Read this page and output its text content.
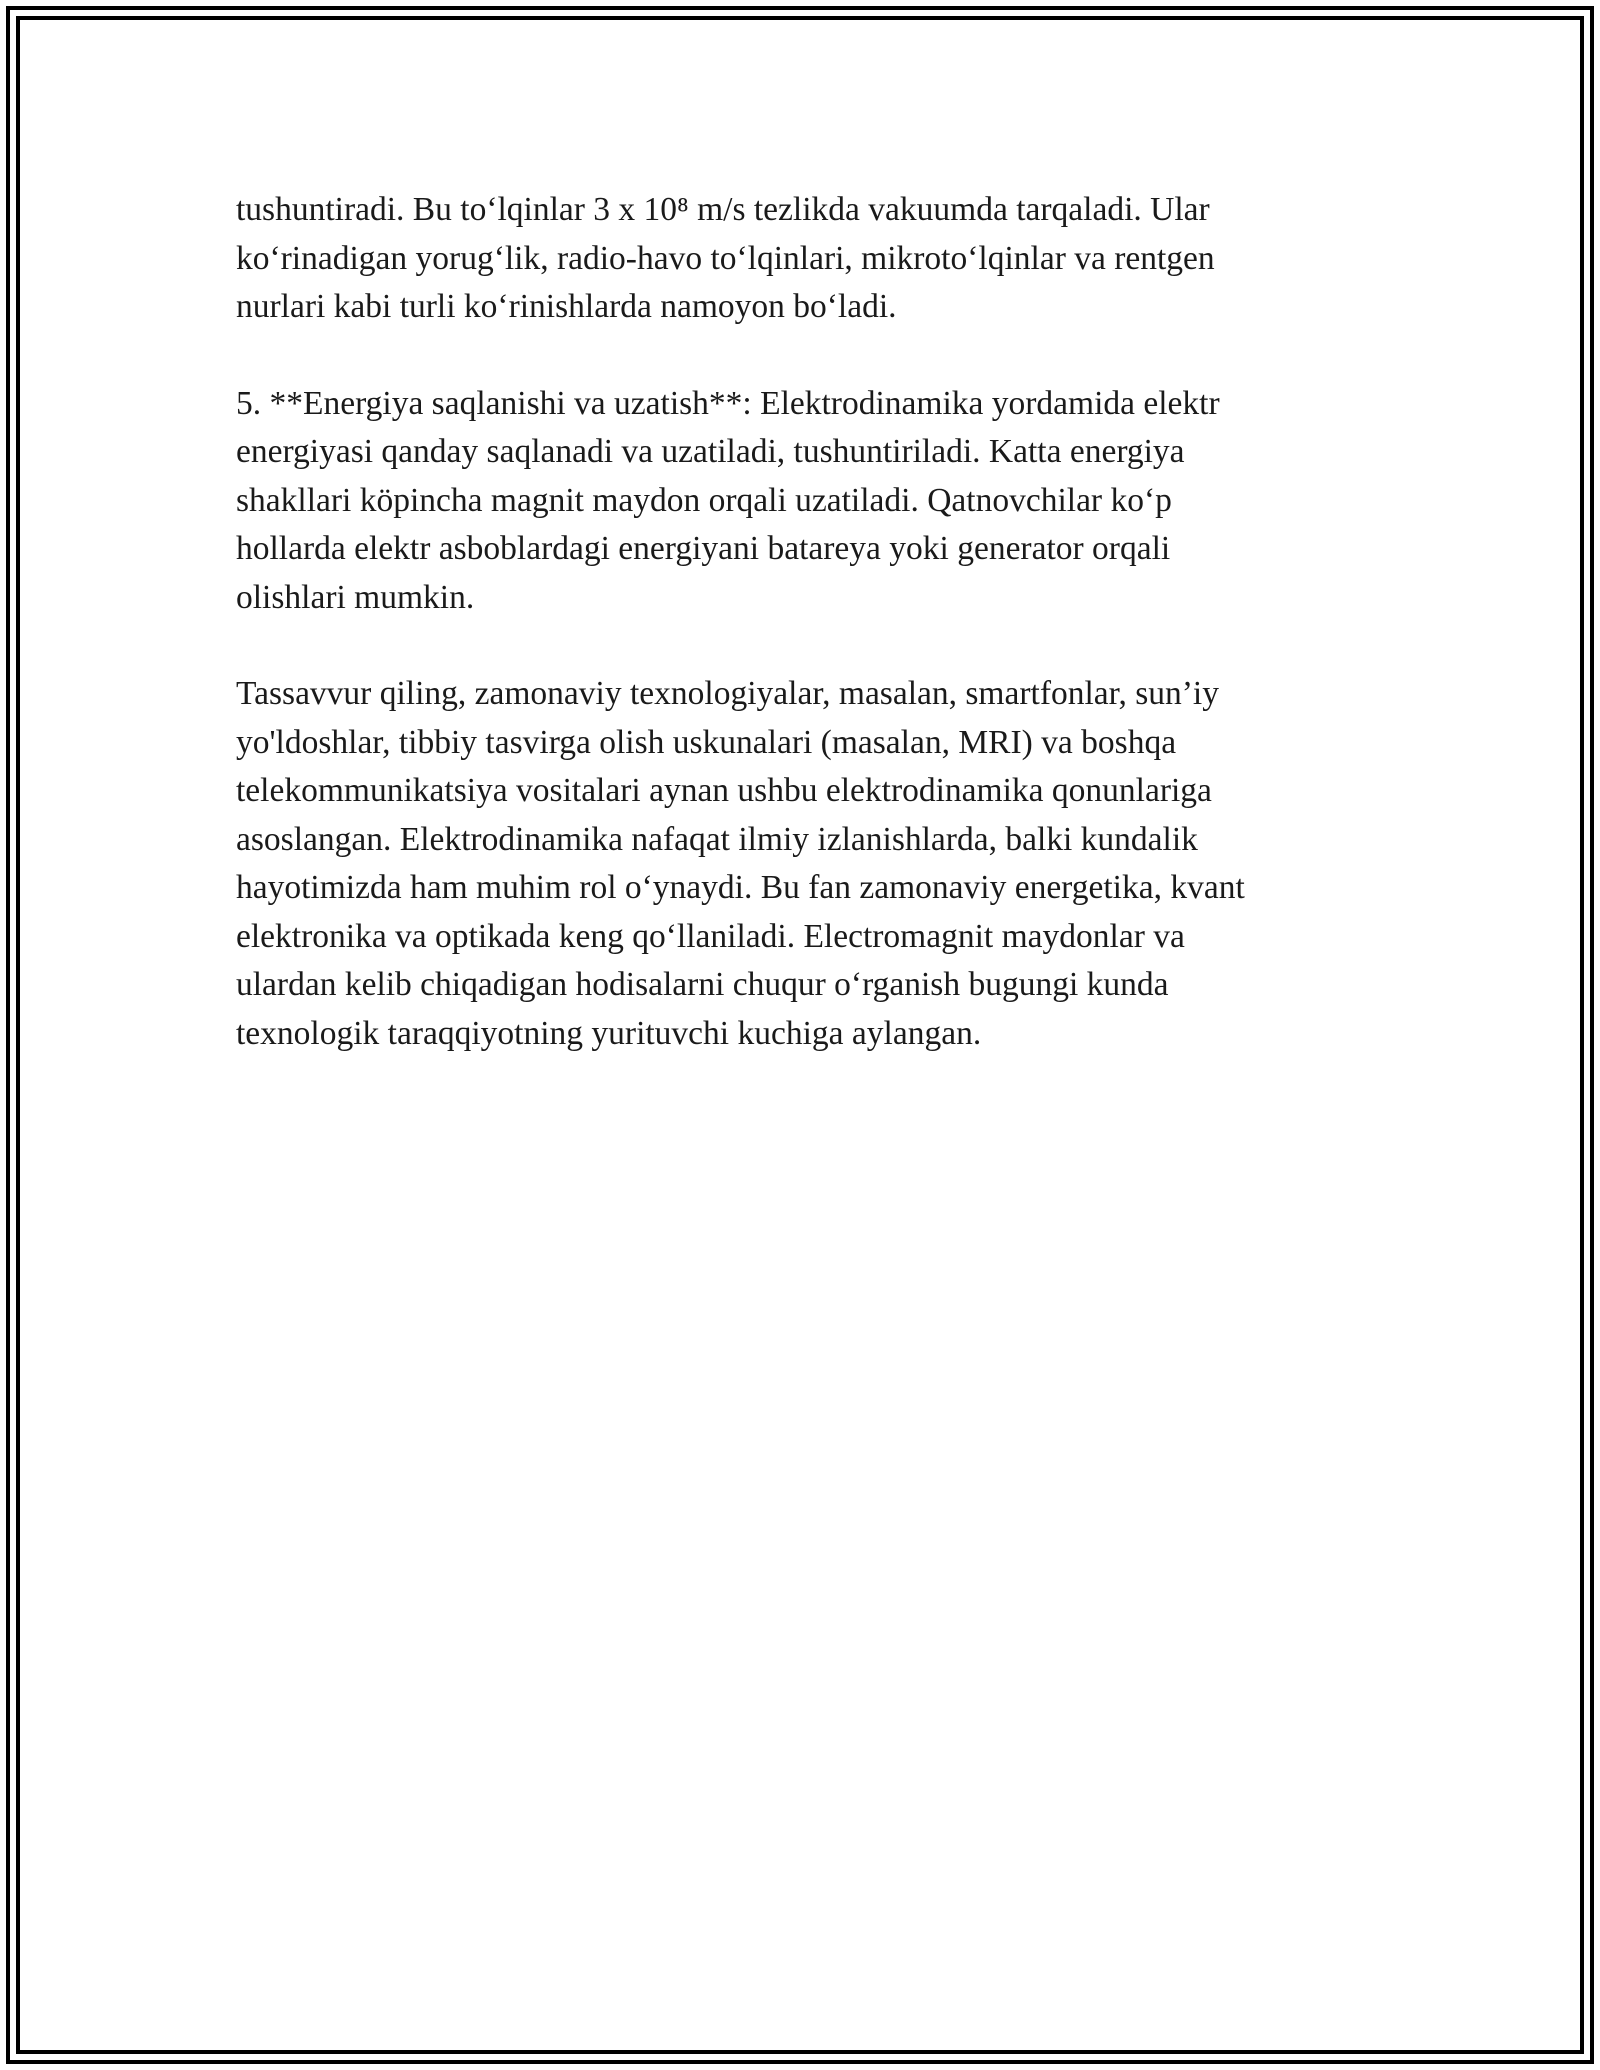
tushuntiradi. Bu to‘lqinlar 3 x 10⁸ m/s tezlikda vakuumda tarqaladi. Ular
ko‘rinadigan yorug‘lik, radio-havo to‘lqinlari, mikroto‘lqinlar va rentgen
nurlari kabi turli ko‘rinishlarda namoyon bo‘ladi.

5. **Energiya saqlanishi va uzatish**: Elektrodinamika yordamida elektr
energiyasi qanday saqlanadi va uzatiladi, tushuntiriladi. Katta energiya
shakllari köpincha magnit maydon orqali uzatiladi. Qatnovchilar ko‘p
hollarda elektr asboblardagi energiyani batareya yoki generator orqali
olishlari mumkin.

Tassavvur qiling, zamonaviy texnologiyalar, masalan, smartfonlar, sun’iy
yo'ldoshlar, tibbiy tasvirga olish uskunalari (masalan, MRI) va boshqa
telekommunikatsiya vositalari aynan ushbu elektrodinamika qonunlariga
asoslangan. Elektrodinamika nafaqat ilmiy izlanishlarda, balki kundalik
hayotimizda ham muhim rol o‘ynaydi. Bu fan zamonaviy energetika, kvant
elektronika va optikada keng qo‘llaniladi. Electromagnit maydonlar va
ulardan kelib chiqadigan hodisalarni chuqur o‘rganish bugungi kunda
texnologik taraqqiyotning yurituvchi kuchiga aylangan.
